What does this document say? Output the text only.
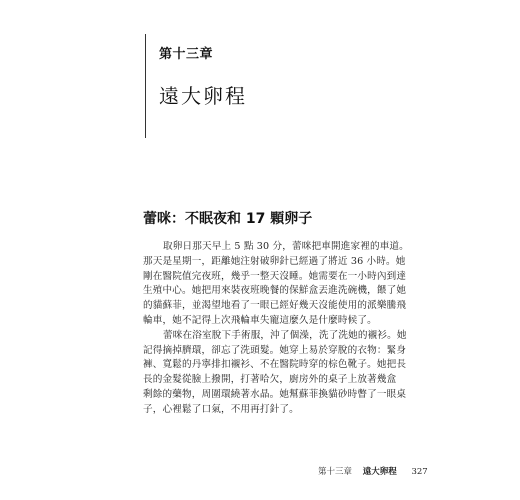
第十三章
遠大卵程
蕾咪：不眠夜和 17 顆卵子
取卵日那天早上 5 點 30 分，蕾咪把車開進家裡的車道。
那天是星期一，距離她注射破卵針已經過了將近 36 小時。她
剛在醫院值完夜班，幾乎一整天沒睡。她需要在一小時內到達
生殖中心。她把用來裝夜班晚餐的保鮮盒丟進洗碗機，餵了她
的貓蘇菲，並渴望地看了一眼已經好幾天沒能使用的派樂騰飛
輪車，她不記得上次飛輪車失寵這麼久是什麼時候了。
蕾咪在浴室脫下手術服，沖了個澡，洗了洗她的襯衫。她
記得摘掉臍環，卻忘了洗頭髮。她穿上易於穿脫的衣物：緊身
褲、寬鬆的丹寧排扣襯衫、不在醫院時穿的棕色靴子。她把長
長的金髮從臉上撥開，打著哈欠，廚房外的桌子上放著幾盒
剩餘的藥物，周圍環繞著水晶。她幫蘇菲換貓砂時瞥了一眼桌
子，心裡鬆了口氣，不用再打針了。
第十三章 遠大卵程 327
